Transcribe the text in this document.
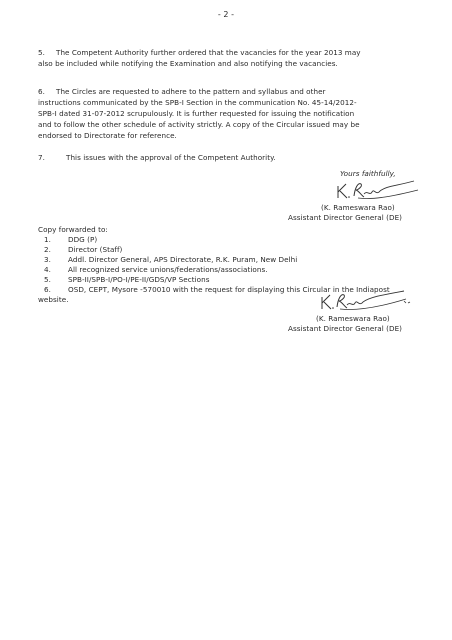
- 2 -
5. The Competent Authority further ordered that the vacancies for the year 2013 may
also be included while notifying the Examination and also notifying the vacancies.
6. The Circles are requested to adhere to the pattern and syllabus and other
instructions communicated by the SPB-I Section in the communication No. 45-14/2012-
SPB-I dated 31-07-2012 scrupulously. It is further requested for issuing the notification
and to follow the other schedule of activity strictly. A copy of the Circular issued may be
endorsed to Directorate for reference.
7.	This issues with the approval of the Competent Authority.
Yours faithfully,
(K. Rameswara Rao)
Assistant Director General (DE)
Copy forwarded to:
1. DDG (P)
2. Director (Staff)
3. Addl. Director General, APS Directorate, R.K. Puram, New Delhi
4. All recognized service unions/federations/associations.
5. SPB-II/SPB-I/PO-I/PE-II/GDS/VP Sections
6. OSD, CEPT, Mysore -570010 with the request for displaying this Circular in the Indiapost
website.
(K. Rameswara Rao)
Assistant Director General (DE)
